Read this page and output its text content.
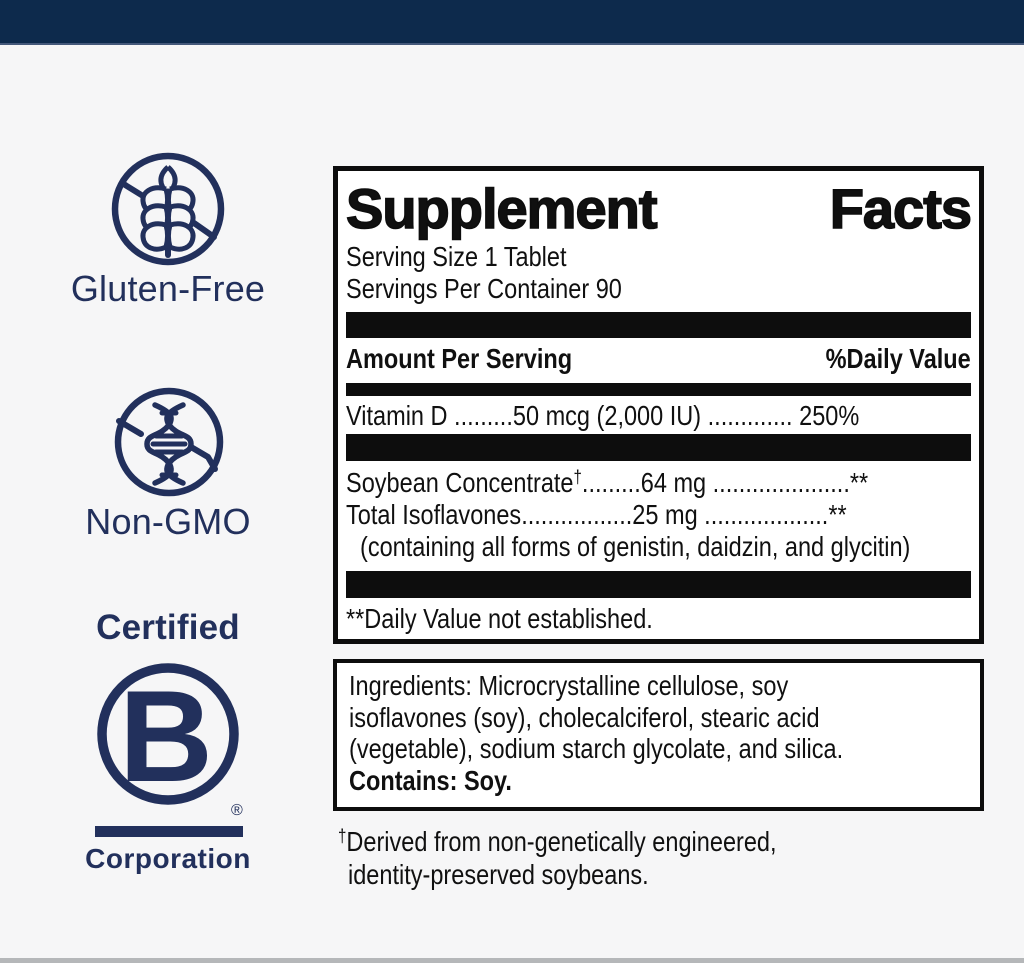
Gluten-Free
Non-GMO
Certified
B
®
Corporation
Supplement	Facts
Serving Size 1 Tablet
Servings Per Container 90
Amount Per Serving	%Daily Value
Vitamin D .........50 mcg (2,000 IU) ............. 250%
Soybean Concentrate†.........64 mg .....................**
Total Isoflavones.................25 mg ...................**
(containing all forms of genistin, daidzin, and glycitin)
**Daily Value not established.
Ingredients: Microcrystalline cellulose, soy
isoflavones (soy), cholecalciferol, stearic acid
(vegetable), sodium starch glycolate, and silica.
Contains: Soy.
†Derived from non-genetically engineered,
identity-preserved soybeans.
